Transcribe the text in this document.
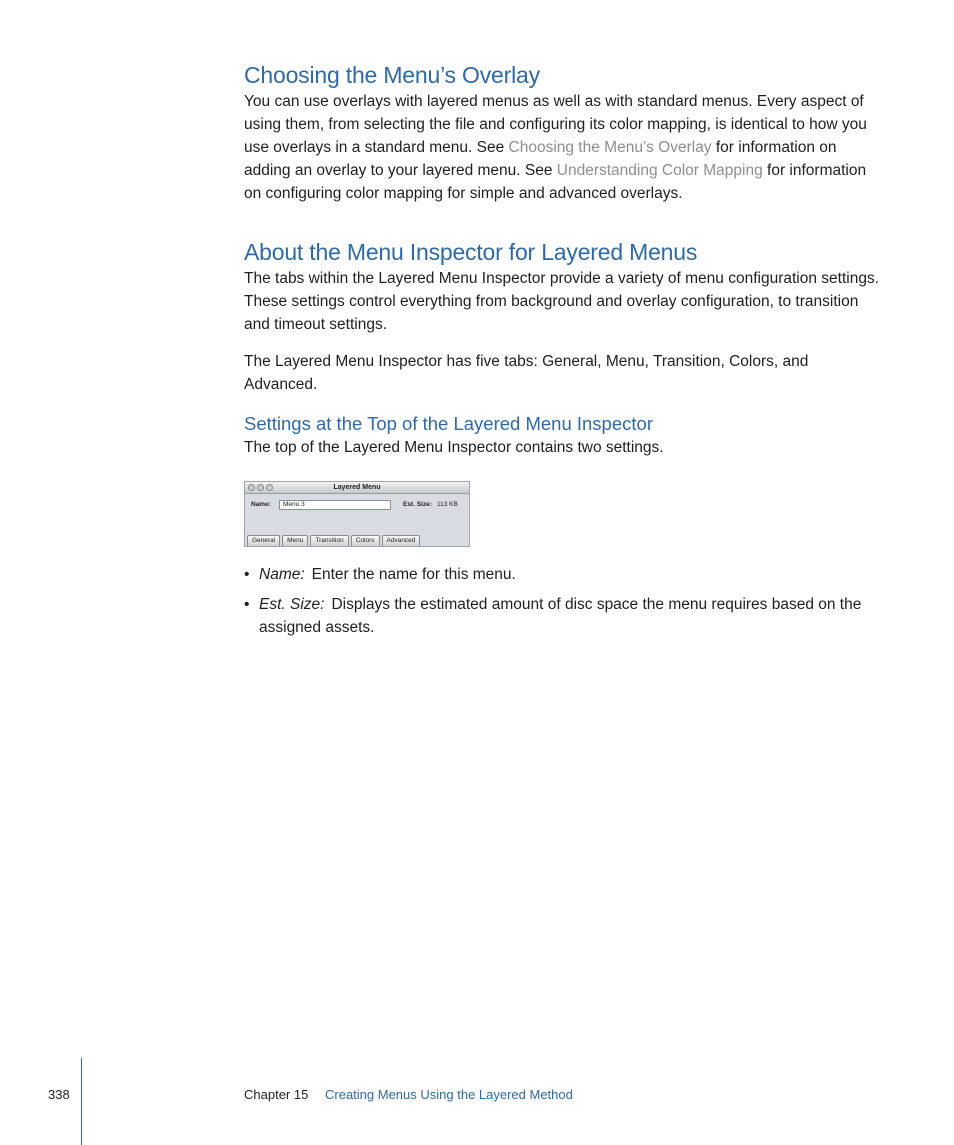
Choosing the Menu’s Overlay

You can use overlays with layered menus as well as with standard menus. Every aspect of using them, from selecting the file and configuring its color mapping, is identical to how you use overlays in a standard menu. See Choosing the Menu’s Overlay for information on adding an overlay to your layered menu. See Understanding Color Mapping for information on configuring color mapping for simple and advanced overlays.

About the Menu Inspector for Layered Menus

The tabs within the Layered Menu Inspector provide a variety of menu configuration settings. These settings control everything from background and overlay configuration, to transition and timeout settings.

The Layered Menu Inspector has five tabs: General, Menu, Transition, Colors, and Advanced.

Settings at the Top of the Layered Menu Inspector

The top of the Layered Menu Inspector contains two settings.

Layered Menu
Name:	Menu 3	Est. Size: 113 KB
General	Menu	Transition	Colors	Advanced
• Name: Enter the name for this menu.
• Est. Size: Displays the estimated amount of disc space the menu requires based on the assigned assets.
338	Chapter 15 Creating Menus Using the Layered Method
